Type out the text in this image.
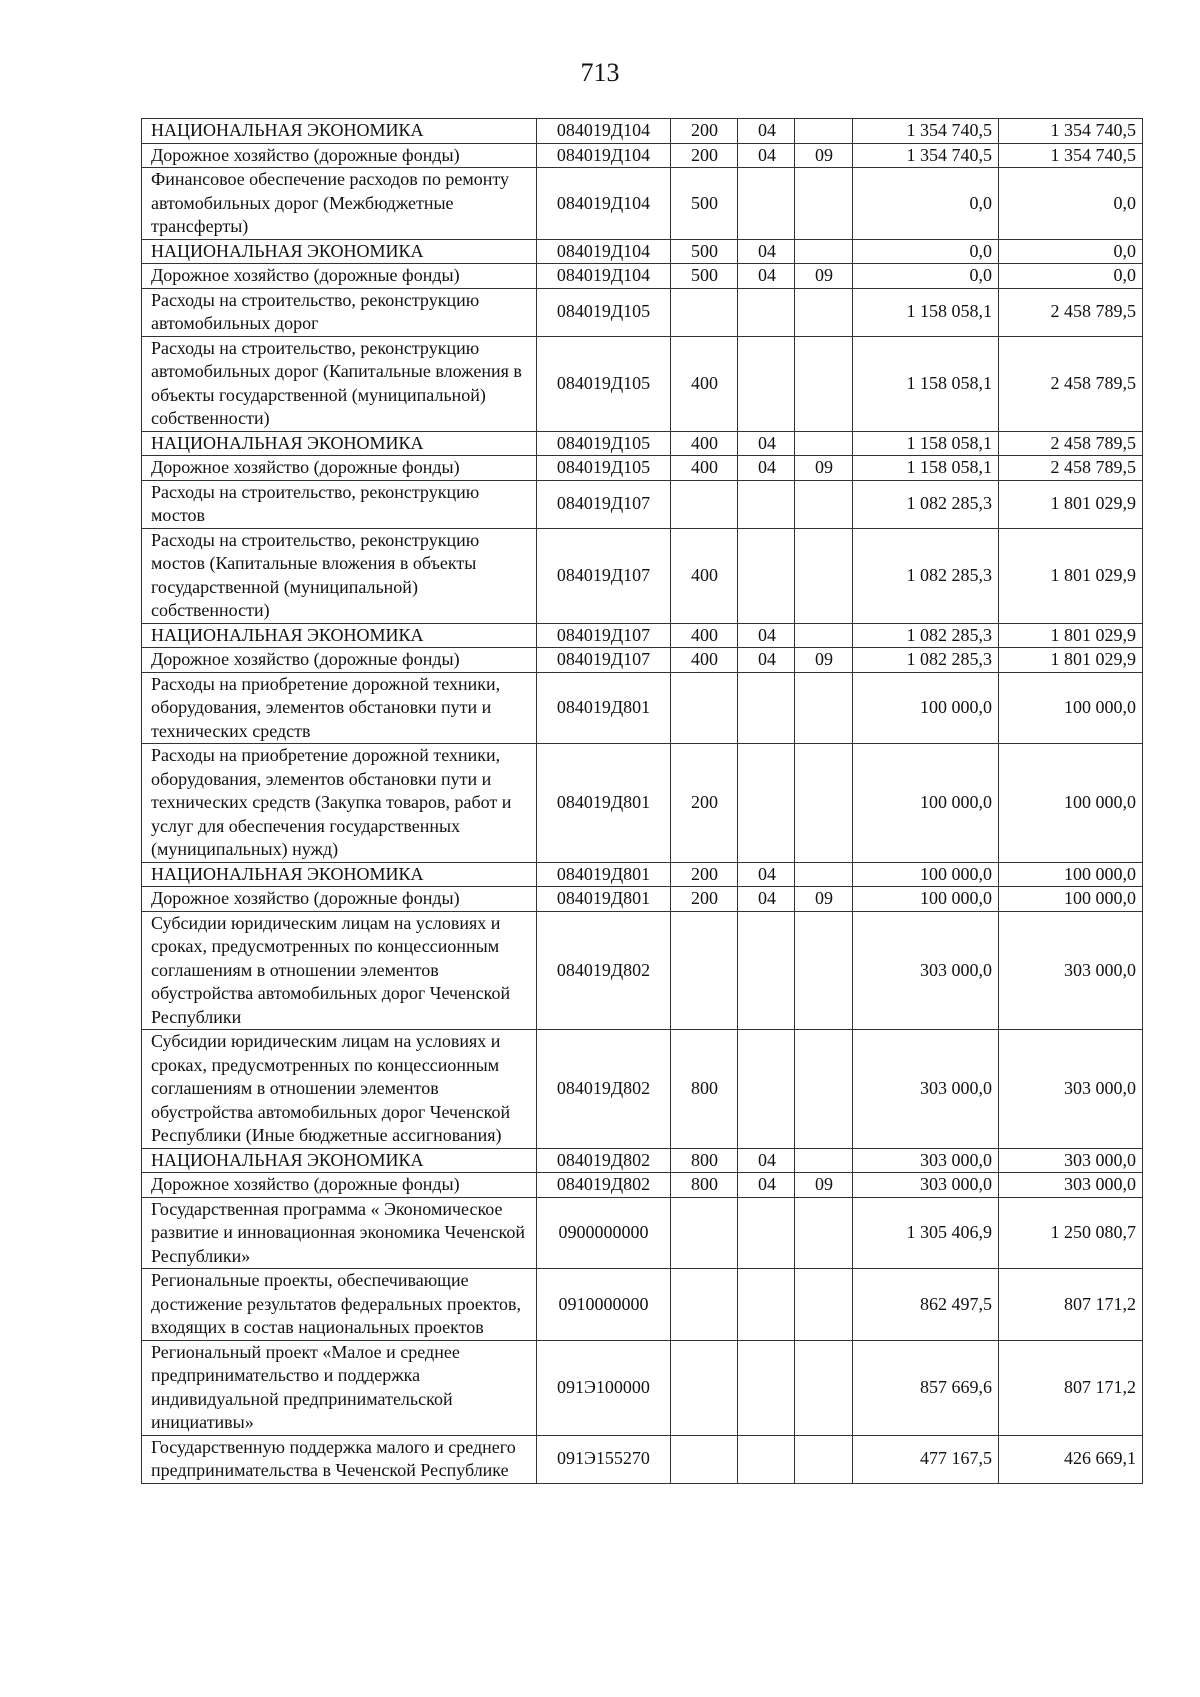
713
НАЦИОНАЛЬНАЯ ЭКОНОМИКА	084019Д104	200	04		1 354 740,5	1 354 740,5
Дорожное хозяйство (дорожные фонды)	084019Д104	200	04	09	1 354 740,5	1 354 740,5
Финансовое обеспечение расходов по ремонту автомобильных дорог (Межбюджетные трансферты)	084019Д104	500			0,0	0,0
НАЦИОНАЛЬНАЯ ЭКОНОМИКА	084019Д104	500	04		0,0	0,0
Дорожное хозяйство (дорожные фонды)	084019Д104	500	04	09	0,0	0,0
Расходы на строительство, реконструкцию автомобильных дорог	084019Д105				1 158 058,1	2 458 789,5
Расходы на строительство, реконструкцию автомобильных дорог (Капитальные вложения в объекты государственной (муниципальной) собственности)	084019Д105	400			1 158 058,1	2 458 789,5
НАЦИОНАЛЬНАЯ ЭКОНОМИКА	084019Д105	400	04		1 158 058,1	2 458 789,5
Дорожное хозяйство (дорожные фонды)	084019Д105	400	04	09	1 158 058,1	2 458 789,5
Расходы на строительство, реконструкцию мостов	084019Д107				1 082 285,3	1 801 029,9
Расходы на строительство, реконструкцию мостов (Капитальные вложения в объекты государственной (муниципальной) собственности)	084019Д107	400			1 082 285,3	1 801 029,9
НАЦИОНАЛЬНАЯ ЭКОНОМИКА	084019Д107	400	04		1 082 285,3	1 801 029,9
Дорожное хозяйство (дорожные фонды)	084019Д107	400	04	09	1 082 285,3	1 801 029,9
Расходы на приобретение дорожной техники, оборудования, элементов обстановки пути и технических средств	084019Д801				100 000,0	100 000,0
Расходы на приобретение дорожной техники, оборудования, элементов обстановки пути и технических средств (Закупка товаров, работ и услуг для обеспечения государственных (муниципальных) нужд)	084019Д801	200			100 000,0	100 000,0
НАЦИОНАЛЬНАЯ ЭКОНОМИКА	084019Д801	200	04		100 000,0	100 000,0
Дорожное хозяйство (дорожные фонды)	084019Д801	200	04	09	100 000,0	100 000,0
Субсидии юридическим лицам на условиях и сроках, предусмотренных по концессионным соглашениям в отношении элементов обустройства автомобильных дорог Чеченской Республики	084019Д802				303 000,0	303 000,0
Субсидии юридическим лицам на условиях и сроках, предусмотренных по концессионным соглашениям в отношении элементов обустройства автомобильных дорог Чеченской Республики (Иные бюджетные ассигнования)	084019Д802	800			303 000,0	303 000,0
НАЦИОНАЛЬНАЯ ЭКОНОМИКА	084019Д802	800	04		303 000,0	303 000,0
Дорожное хозяйство (дорожные фонды)	084019Д802	800	04	09	303 000,0	303 000,0
Государственная программа « Экономическое развитие и инновационная экономика Чеченской Республики»	0900000000				1 305 406,9	1 250 080,7
Региональные проекты, обеспечивающие достижение результатов федеральных проектов, входящих в состав национальных проектов	0910000000				862 497,5	807 171,2
Региональный проект «Малое и среднее предпринимательство и поддержка индивидуальной предпринимательской инициативы»	091Э100000				857 669,6	807 171,2
Государственную поддержка малого и среднего предпринимательства в Чеченской Республике	091Э155270				477 167,5	426 669,1
